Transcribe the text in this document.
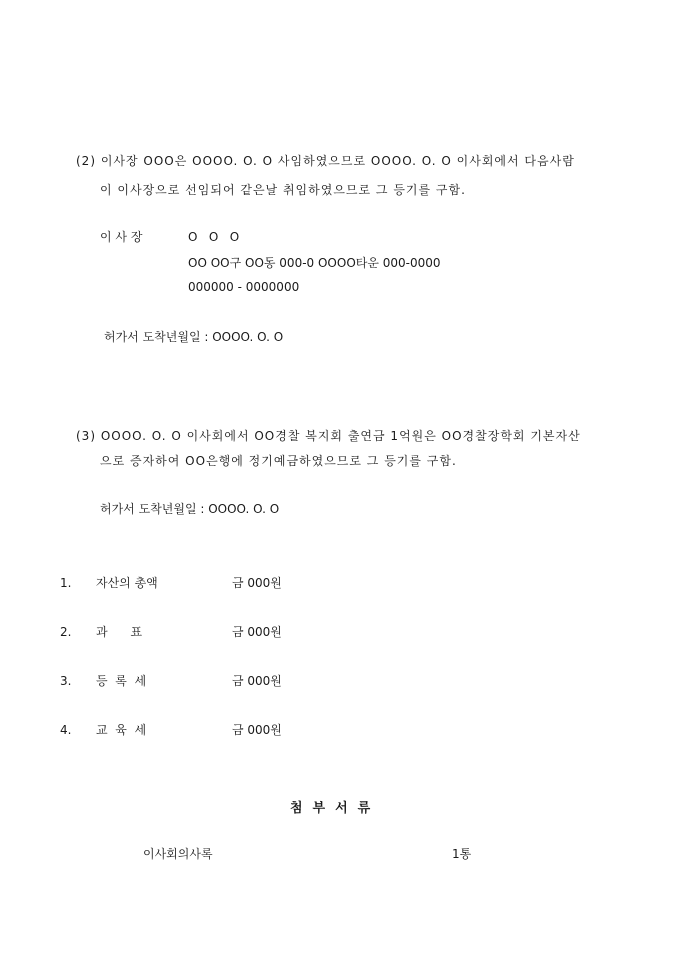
(2) 이사장 OOO은 OOOO. O. O 사임하였으므로 OOOO. O. O 이사회에서 다음사람
이 이사장으로 선임되어 같은날 취임하였으므로 그 등기를 구함.
이 사 장	O   O   O
OO OO구 OO동 000-0 OOOO타운 000-0000
000000 - 0000000
허가서 도착년월일 : OOOO. O. O
(3) OOOO. O. O 이사회에서 OO경찰 복지회 출연금 1억원은 OO경찰장학회 기본자산
으로 증자하여 OO은행에 정기예금하였으므로 그 등기를 구함.
허가서 도착년월일 : OOOO. O. O
1. 자산의 총액	금 000원
2. 과      표	금 000원
3. 등  록  세	금 000원
4. 교  육  세	금 000원
첨부서류
이사회의사록	1통
